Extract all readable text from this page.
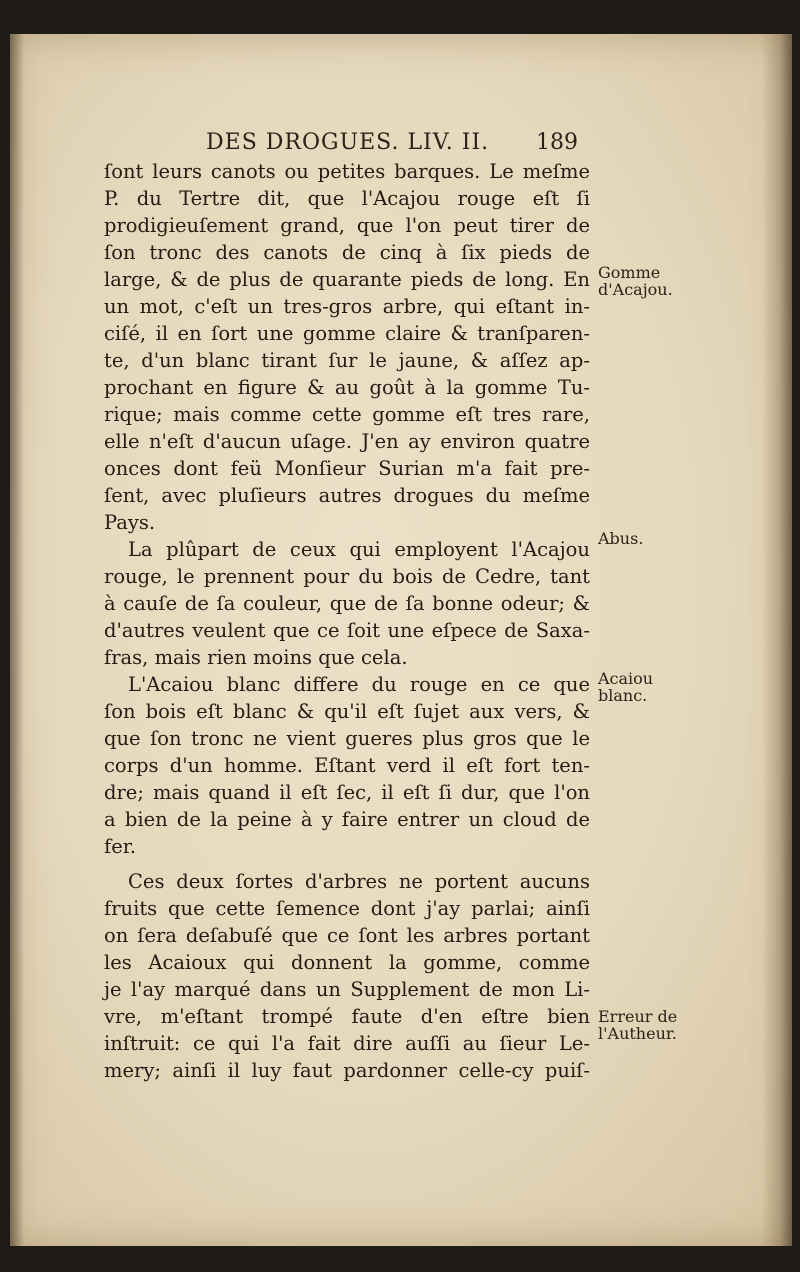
DES DROGUES. LIV. II. 189
ſont leurs canots ou petites barques. Le meſme
P. du Tertre dit, que l'Acajou rouge eſt ſi
prodigieuſement grand, que l'on peut tirer de
ſon tronc des canots de cinq à ſix pieds de
large, & de plus de quarante pieds de long. En
un mot, c'eſt un tres-gros arbre, qui eſtant in-
ciſé, il en ſort une gomme claire & tranſparen-
te, d'un blanc tirant ſur le jaune, & aſſez ap-
prochant en figure & au goût à la gomme Tu-
rique; mais comme cette gomme eſt tres rare,
elle n'eſt d'aucun uſage. J'en ay environ quatre
onces dont feü Monſieur Surian m'a fait pre-
ſent, avec pluſieurs autres drogues du meſme
Pays.
La plûpart de ceux qui employent l'Acajou
rouge, le prennent pour du bois de Cedre, tant
à cauſe de ſa couleur, que de ſa bonne odeur; &
d'autres veulent que ce ſoit une eſpece de Saxa-
fras, mais rien moins que cela.
L'Acaiou blanc differe du rouge en ce que
ſon bois eſt blanc & qu'il eſt ſujet aux vers, &
que ſon tronc ne vient gueres plus gros que le
corps d'un homme. Eſtant verd il eſt fort ten-
dre; mais quand il eſt ſec, il eſt ſi dur, que l'on
a bien de la peine à y faire entrer un cloud de
fer.
Ces deux ſortes d'arbres ne portent aucuns
fruits que cette ſemence dont j'ay parlai; ainſi
on ſera deſabuſé que ce ſont les arbres portant
les Acaioux qui donnent la gomme, comme
je l'ay marqué dans un Supplement de mon Li-
vre, m'eſtant trompé faute d'en eſtre bien
inſtruit: ce qui l'a fait dire auſſi au ſieur Le-
mery; ainſi il luy faut pardonner celle-cy puiſ-
Gomme
d'Acajou.
Abus.
Acaiou
blanc.
Erreur de
l'Autheur.
